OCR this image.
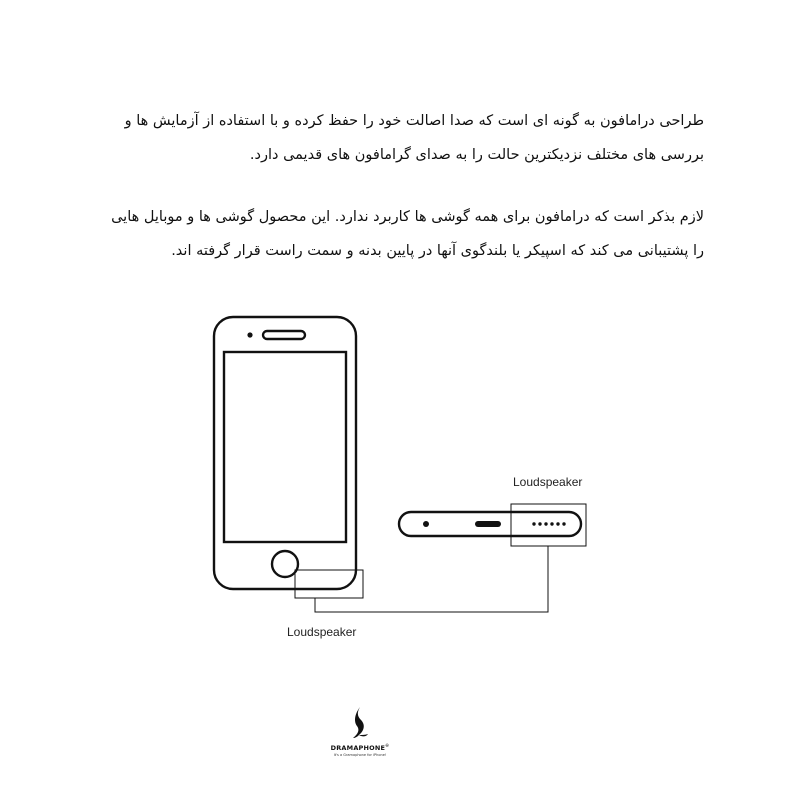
طراحی درامافون به گونه ای است که صدا اصالت خود را حفظ کرده و با استفاده از آزمایش ها و
بررسی های مختلف نزدیکترین حالت را به صدای گرامافون های قدیمی دارد.
لازم بذکر است که درامافون برای همه گوشی ها کاربرد ندارد. این محصول گوشی ها و موبایل هایی
را پشتیبانی می کند که اسپیکر یا بلندگوی آنها در پایین بدنه و سمت راست قرار گرفته اند.
Loudspeaker
Loudspeaker
DRAMAPHONE®
It's a Gramophone for iPhone!
